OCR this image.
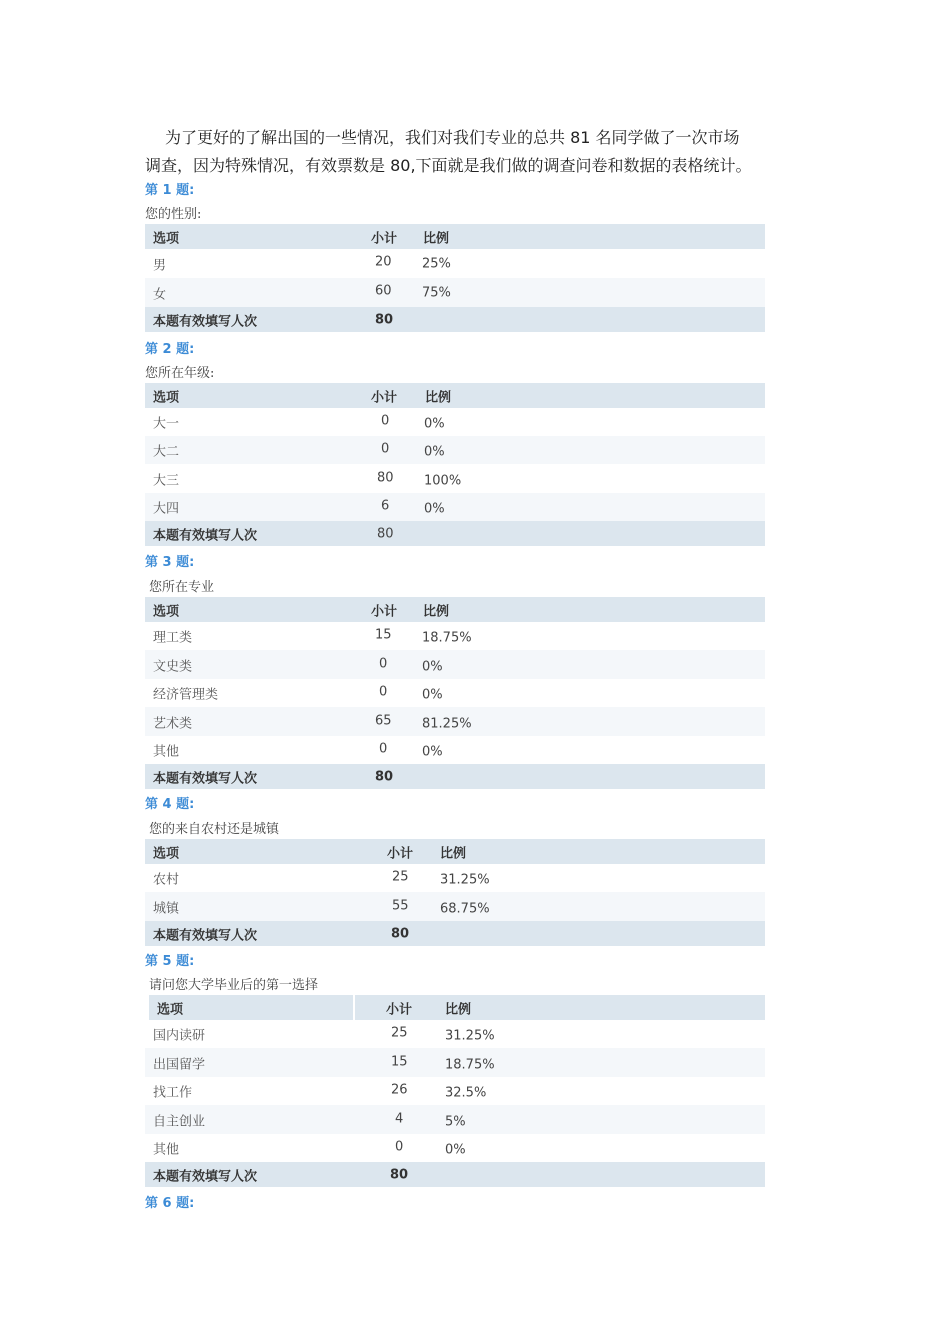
为了更好的了解出国的一些情况，我们对我们专业的总共 81 名同学做了一次市场
调查，因为特殊情况，有效票数是 80,下面就是我们做的调查问卷和数据的表格统计。
第 1 题:
您的性别:
选项	小计 比例
男	20 25%
女	60 75%
本题有效填写人次	80
第 2 题:
您所在年级:
选项	小计 比例
大一	0	0%
大二	0	0%
大三	80 100%
大四	6	0%
本题有效填写人次	80
第 3 题:
您所在专业
选项	小计 比例
理工类	15 18.75%
文史类	0	0%
经济管理类	0	0%
艺术类	65 81.25%
其他	0	0%
本题有效填写人次	80
第 4 题:
您的来自农村还是城镇
选项	小计 比例
农村	25 31.25%
城镇	55 68.75%
本题有效填写人次	80
第 5 题:
请问您大学毕业后的第一选择
选项	小计	比例
国内读研	25	31.25%
出国留学	15	18.75%
找工作	26	32.5%
自主创业	4	5%
其他	0	0%
本题有效填写人次	80
第 6 题:
